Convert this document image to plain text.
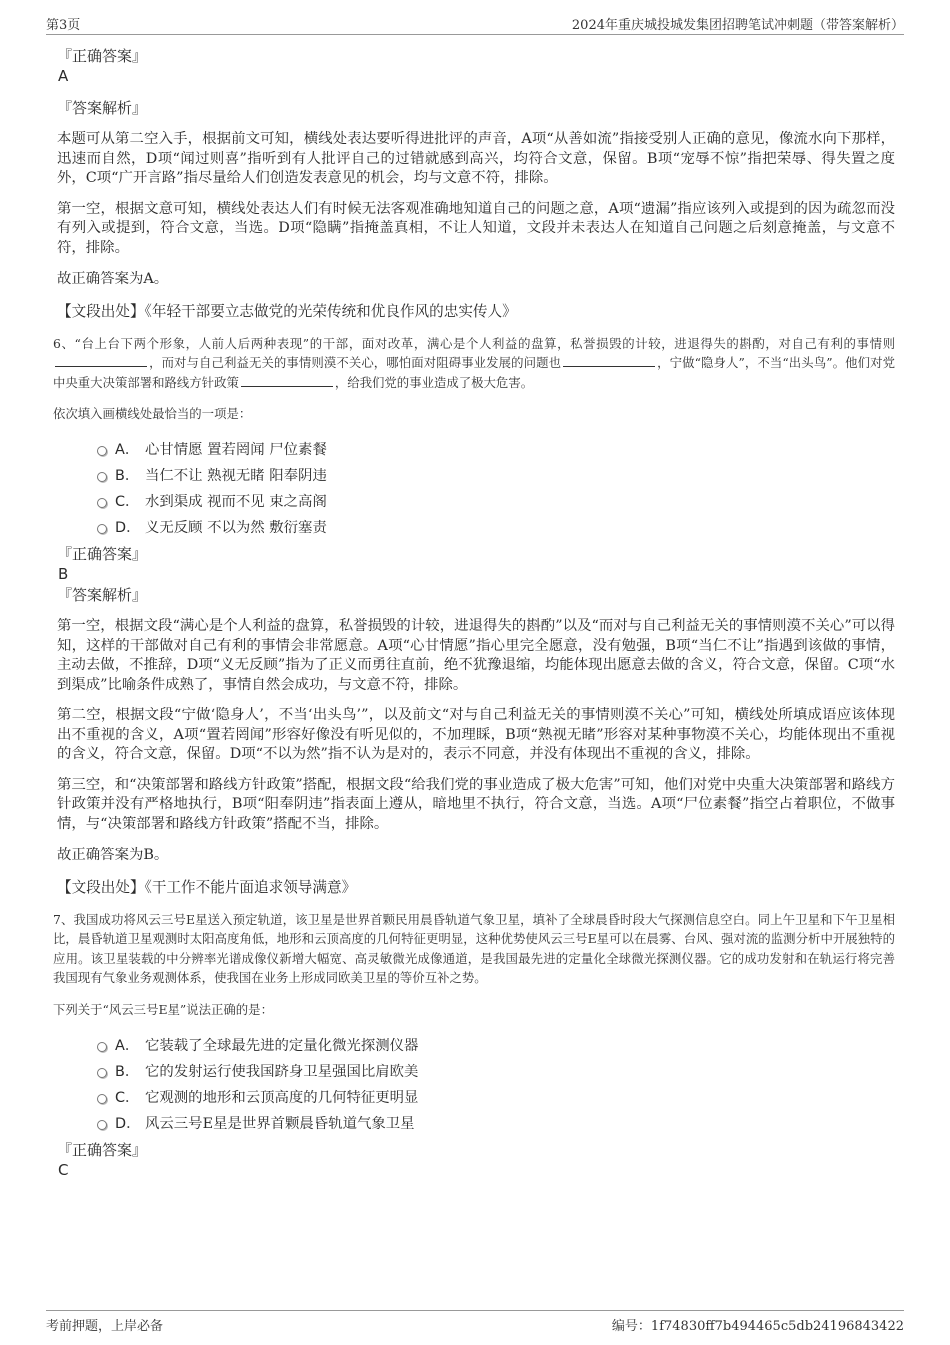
第3页	2024年重庆城投城发集团招聘笔试冲刺题（带答案解析）

『正确答案』

A

『答案解析』

本题可从第二空入手，根据前文可知，横线处表达要听得进批评的声音，A项“从善如流”指接受别人正确的意见，像流水向下那样，迅速而自然，D项“闻过则喜”指听到有人批评自己的过错就感到高兴，均符合文意，保留。B项“宠辱不惊”指把荣辱、得失置之度外，C项“广开言路”指尽量给人们创造发表意见的机会，均与文意不符，排除。

第一空，根据文意可知，横线处表达人们有时候无法客观准确地知道自己的问题之意，A项“遗漏”指应该列入或提到的因为疏忽而没有列入或提到，符合文意，当选。D项“隐瞒”指掩盖真相，不让人知道，文段并未表达人在知道自己问题之后刻意掩盖，与文意不符，排除。

故正确答案为A。

【文段出处】《年轻干部要立志做党的光荣传统和优良作风的忠实传人》

6、“台上台下两个形象，人前人后两种表现”的干部，面对改革，满心是个人利益的盘算，私誉损毁的计较，进退得失的斟酌，对自己有利的事情则，而对与自己利益无关的事情则漠不关心，哪怕面对阻碍事业发展的问题也	，宁做“隐身人”，不当“出头鸟”。他们对党中央重大决策部署和路线方针政策	，给我们党的事业造成了极大危害。

依次填入画横线处最恰当的一项是：

A． 心甘情愿 置若罔闻 尸位素餐
B． 当仁不让 熟视无睹 阳奉阴违
C． 水到渠成 视而不见 束之高阁
D． 义无反顾 不以为然 敷衍塞责

『正确答案』

B

『答案解析』

第一空，根据文段“满心是个人利益的盘算，私誉损毁的计较，进退得失的斟酌”以及“而对与自己利益无关的事情则漠不关心”可以得知，这样的干部做对自己有利的事情会非常愿意。A项“心甘情愿”指心里完全愿意，没有勉强，B项“当仁不让”指遇到该做的事情，主动去做，不推辞，D项“义无反顾”指为了正义而勇往直前，绝不犹豫退缩，均能体现出愿意去做的含义，符合文意，保留。C项“水到渠成”比喻条件成熟了，事情自然会成功，与文意不符，排除。

第二空，根据文段“宁做‘隐身人’，不当‘出头鸟’”，以及前文“对与自己利益无关的事情则漠不关心”可知，横线处所填成语应该体现出不重视的含义，A项“置若罔闻”形容好像没有听见似的，不加理睬，B项“熟视无睹”形容对某种事物漠不关心，均能体现出不重视的含义，符合文意，保留。D项“不以为然”指不认为是对的，表示不同意，并没有体现出不重视的含义，排除。

第三空，和“决策部署和路线方针政策”搭配，根据文段“给我们党的事业造成了极大危害”可知，他们对党中央重大决策部署和路线方针政策并没有严格地执行，B项“阳奉阴违”指表面上遵从，暗地里不执行，符合文意，当选。A项“尸位素餐”指空占着职位，不做事情，与“决策部署和路线方针政策”搭配不当，排除。

故正确答案为B。

【文段出处】《干工作不能片面追求领导满意》

7、我国成功将风云三号E星送入预定轨道，该卫星是世界首颗民用晨昏轨道气象卫星，填补了全球晨昏时段大气探测信息空白。同上午卫星和下午卫星相比，晨昏轨道卫星观测时太阳高度角低，地形和云顶高度的几何特征更明显，这种优势使风云三号E星可以在晨雾、台风、强对流的监测分析中开展独特的应用。该卫星装载的中分辨率光谱成像仪新增大幅宽、高灵敏微光成像通道，是我国最先进的定量化全球微光探测仪器。它的成功发射和在轨运行将完善我国现有气象业务观测体系，使我国在业务上形成同欧美卫星的等价互补之势。

下列关于“风云三号E星”说法正确的是：

A． 它装载了全球最先进的定量化微光探测仪器
B． 它的发射运行使我国跻身卫星强国比肩欧美
C． 它观测的地形和云顶高度的几何特征更明显
D． 风云三号E星是世界首颗晨昏轨道气象卫星

『正确答案』

C

考前押题，上岸必备	编号：1f74830ff7b494465c5db24196843422
